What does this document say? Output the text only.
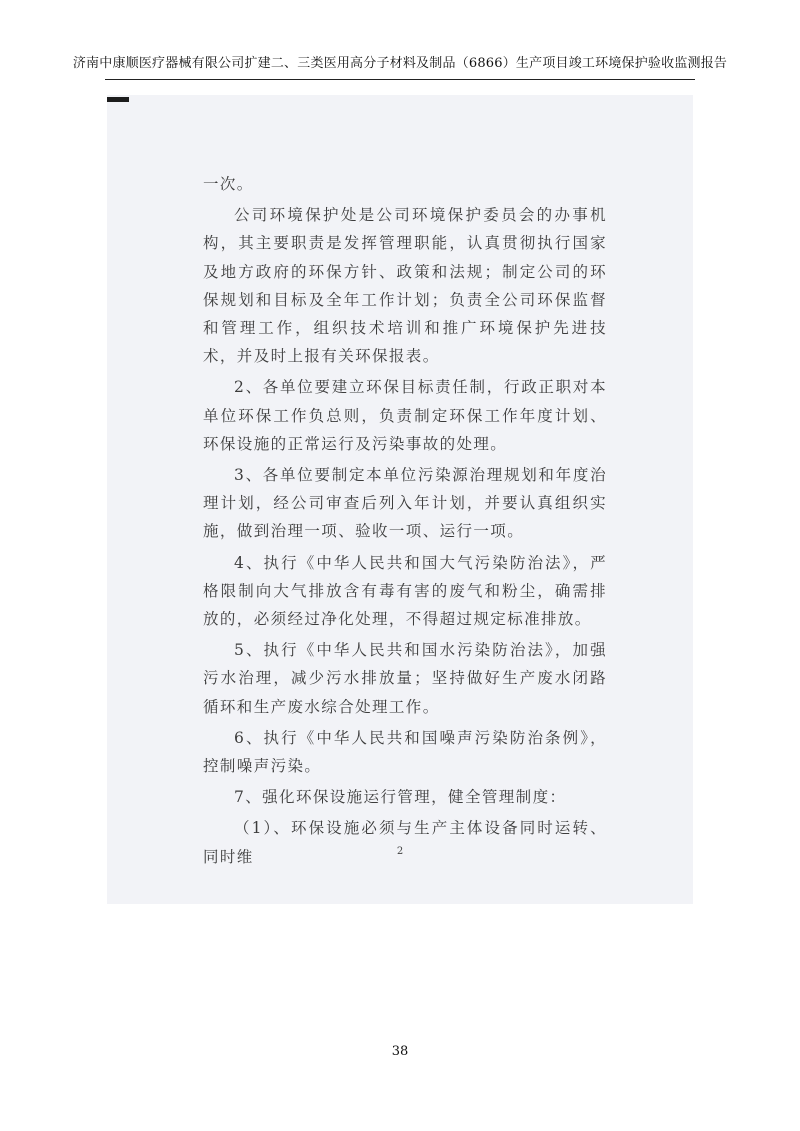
济南中康顺医疗器械有限公司扩建二、三类医用高分子材料及制品（6866）生产项目竣工环境保护验收监测报告

一次。

公司环境保护处是公司环境保护委员会的办事机构，其主要职责是发挥管理职能，认真贯彻执行国家及地方政府的环保方针、政策和法规；制定公司的环保规划和目标及全年工作计划；负责全公司环保监督和管理工作，组织技术培训和推广环境保护先进技术，并及时上报有关环保报表。

2、各单位要建立环保目标责任制，行政正职对本单位环保工作负总则，负责制定环保工作年度计划、环保设施的正常运行及污染事故的处理。

3、各单位要制定本单位污染源治理规划和年度治理计划，经公司审查后列入年计划，并要认真组织实施，做到治理一项、验收一项、运行一项。

4、执行《中华人民共和国大气污染防治法》，严格限制向大气排放含有毒有害的废气和粉尘，确需排放的，必须经过净化处理，不得超过规定标准排放。

5、执行《中华人民共和国水污染防治法》，加强污水治理，减少污水排放量；坚持做好生产废水闭路循环和生产废水综合处理工作。

6、执行《中华人民共和国噪声污染防治条例》，控制噪声污染。

7、强化环保设施运行管理，健全管理制度：

（1）、环保设施必须与生产主体设备同时运转、同时维	2
38
